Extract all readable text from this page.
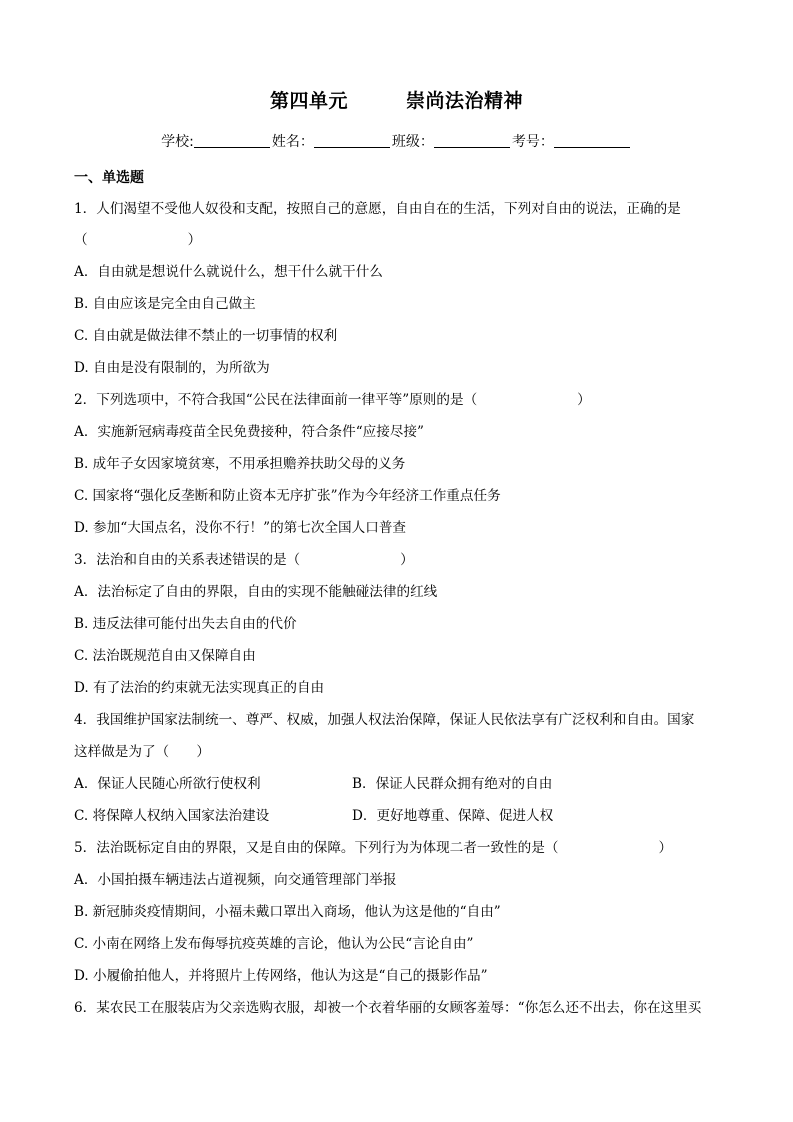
第四单元	崇尚法治精神
学校:	姓名：	班级：	考号：
一、单选题
1．人们渴望不受他人奴役和支配，按照自己的意愿，自由自在的生活，下列对自由的说法，正确的是
（	）
A．自由就是想说什么就说什么，想干什么就干什么
B. 自由应该是完全由自己做主
C. 自由就是做法律不禁止的一切事情的权利
D. 自由是没有限制的，为所欲为
2．下列选项中，不符合我国“公民在法律面前一律平等”原则的是（	）
A．实施新冠病毒疫苗全民免费接种，符合条件“应接尽接”
B. 成年子女因家境贫寒，不用承担赡养扶助父母的义务
C. 国家将“强化反垄断和防止资本无序扩张”作为今年经济工作重点任务
D. 参加“大国点名，没你不行！”的第七次全国人口普查
3．法治和自由的关系表述错误的是（	）
A．法治标定了自由的界限，自由的实现不能触碰法律的红线
B. 违反法律可能付出失去自由的代价
C. 法治既规范自由又保障自由
D. 有了法治的约束就无法实现真正的自由
4．我国维护国家法制统一、尊严、权威，加强人权法治保障，保证人民依法享有广泛权利和自由。国家
这样做是为了（　　）
A．保证人民随心所欲行使权利	B．保证人民群众拥有绝对的自由
C. 将保障人权纳入国家法治建设	D．更好地尊重、保障、促进人权
5．法治既标定自由的界限，又是自由的保障。下列行为为体现二者一致性的是（	）
A．小国拍摄车辆违法占道视频，向交通管理部门举报
B. 新冠肺炎疫情期间，小福未戴口罩出入商场，他认为这是他的“自由”
C. 小南在网络上发布侮辱抗疫英雄的言论，他认为公民“言论自由”
D. 小履偷拍他人，并将照片上传网络，他认为这是“自己的摄影作品”
6．某农民工在服装店为父亲选购衣服，却被一个衣着华丽的女顾客羞辱：“你怎么还不出去，你在这里买
